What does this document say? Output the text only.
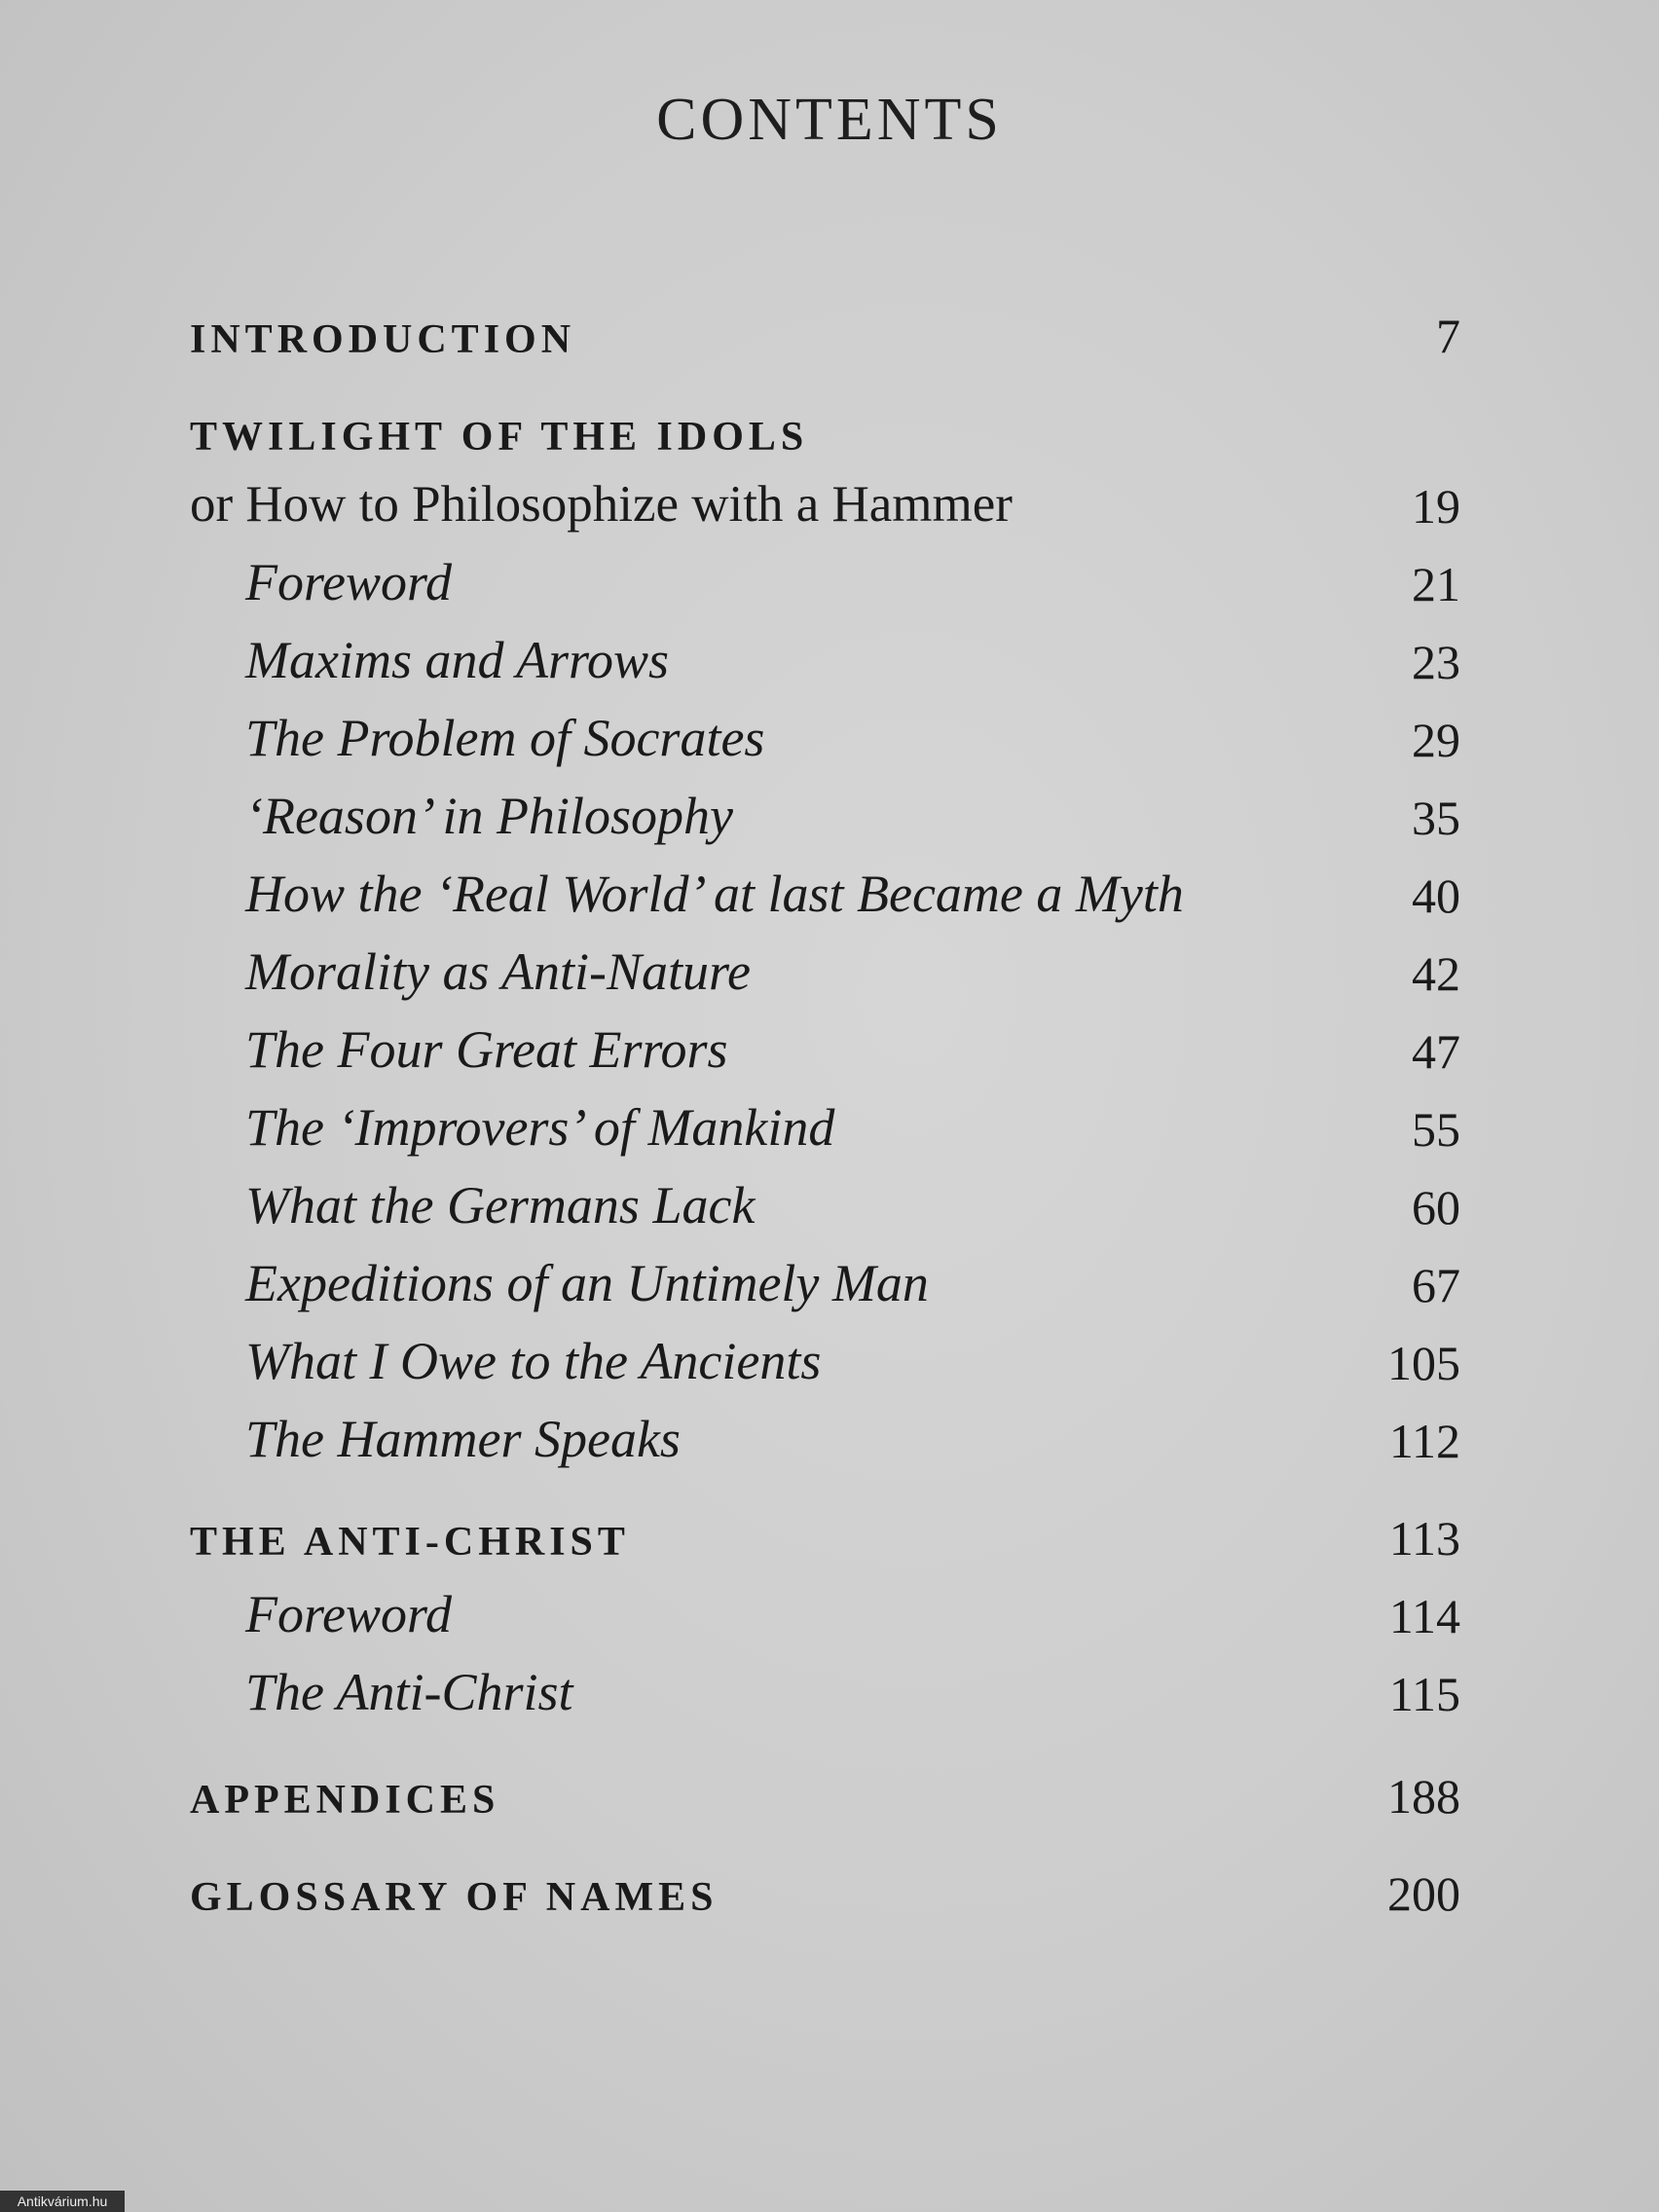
CONTENTS
INTRODUCTION	7
TWILIGHT OF THE IDOLS
or How to Philosophize with a Hammer	19
Foreword	21
Maxims and Arrows	23
The Problem of Socrates	29
‘Reason’ in Philosophy	35
How the ‘Real World’ at last Became a Myth	40
Morality as Anti-Nature	42
The Four Great Errors	47
The ‘Improvers’ of Mankind	55
What the Germans Lack	60
Expeditions of an Untimely Man	67
What I Owe to the Ancients	105
The Hammer Speaks	112
THE ANTI-CHRIST	113
Foreword	114
The Anti-Christ	115
APPENDICES	188
GLOSSARY OF NAMES	200
Antikvárium.hu
